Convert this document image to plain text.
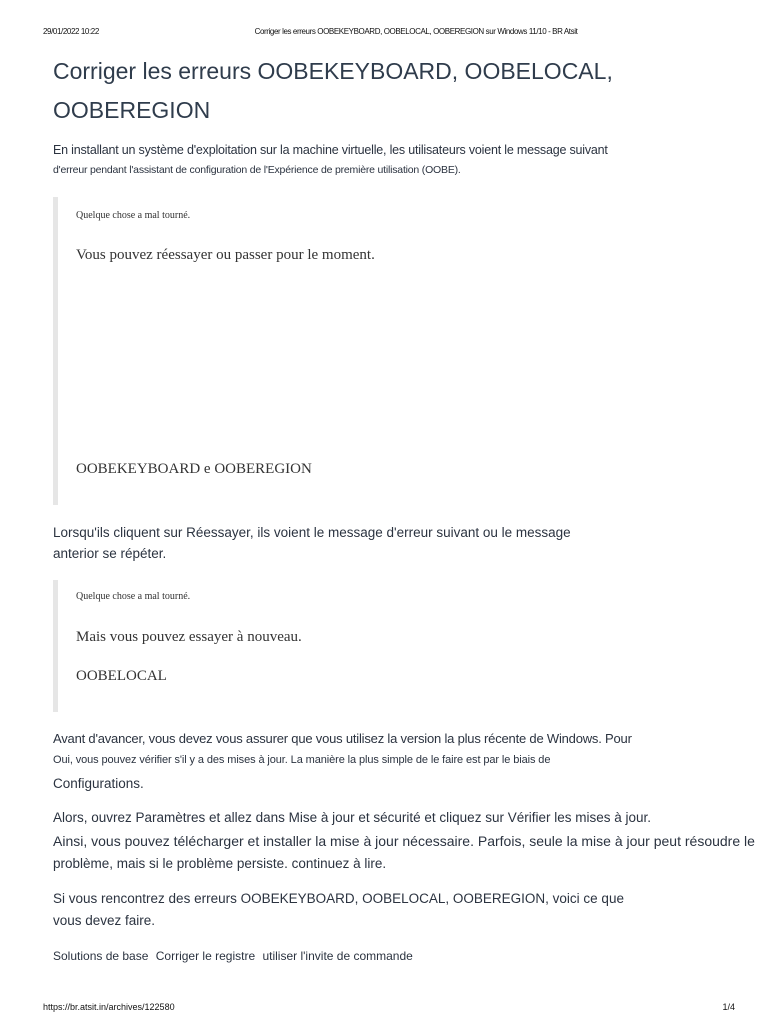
29/01/2022 10:22	Corriger les erreurs OOBEKEYBOARD, OOBELOCAL, OOBEREGION sur Windows 11/10 - BR Atsit
Corriger les erreurs OOBEKEYBOARD, OOBELOCAL,
OOBEREGION

En installant un système d'exploitation sur la machine virtuelle, les utilisateurs voient le message suivant

d'erreur pendant l'assistant de configuration de l'Expérience de première utilisation (OOBE).

Quelque chose a mal tourné.
Vous pouvez réessayer ou passer pour le moment.
OOBEKEYBOARD e OOBEREGION

Lorsqu'ils cliquent sur Réessayer, ils voient le message d'erreur suivant ou le message

anterior se répéter.

Quelque chose a mal tourné.
Mais vous pouvez essayer à nouveau.
OOBELOCAL

Avant d'avancer, vous devez vous assurer que vous utilisez la version la plus récente de Windows. Pour

Oui, vous pouvez vérifier s'il y a des mises à jour. La manière la plus simple de le faire est par le biais de

Configurations.

Alors, ouvrez Paramètres et allez dans Mise à jour et sécurité et cliquez sur Vérifier les mises à jour.

Ainsi, vous pouvez télécharger et installer la mise à jour nécessaire. Parfois, seule la mise à jour peut résoudre le

problème, mais si le problème persiste. continuez à lire.

Si vous rencontrez des erreurs OOBEKEYBOARD, OOBELOCAL, OOBEREGION, voici ce que

vous devez faire.

Solutions de base Corriger le registre utiliser l'invite de commande

https://br.atsit.in/archives/122580	1/4
